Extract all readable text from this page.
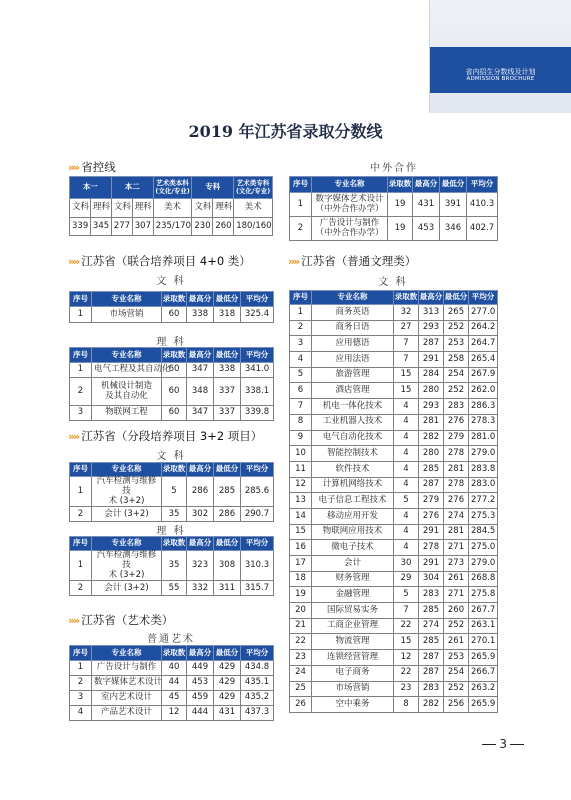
省内招生分数线及计划
ADMISSION BROCHURE
2019 年江苏省录取分数线
»» 省控线
本一		本二		艺术类本科
(文化/专业)	专科		艺术类专科
(文化/专业)
文科	理科	文科	理科	美术	文科	理科	美术
339	345	277	307	235/170	230	260	180/160
中外合作
序号	专业名称	录取数	最高分	最低分	平均分
1	数字媒体艺术设计
（中外合作办学）	19	431	391	410.3
2	广告设计与制作
（中外合作办学）	19	453	346	402.7
»» 江苏省（联合培养项目 4+0 类）
文 科
序号	专业名称	录取数	最高分	最低分	平均分
1	市场营销	60	338	318	325.4
理 科
序号	专业名称	录取数	最高分	最低分	平均分
1	电气工程及其自动化	60	347	338	341.0
2	机械设计制造
及其自动化	60	348	337	338.1
3	物联网工程	60	347	337	339.8
»» 江苏省（分段培养项目 3+2 项目）
文 科
序号	专业名称	录取数	最高分	最低分	平均分
1	汽车检测与维修技
术 (3+2)	5	286	285	285.6
2	会计 (3+2)	35	302	286	290.7
理 科
序号	专业名称	录取数	最高分	最低分	平均分
1	汽车检测与维修技
术 (3+2)	35	323	308	310.3
2	会计 (3+2)	55	332	311	315.7
»» 江苏省（艺术类）
普通艺术
序号	专业名称	录取数	最高分	最低分	平均分
1	广告设计与制作	40	449	429	434.8
2	数字媒体艺术设计	44	453	429	435.1
3	室内艺术设计	45	459	429	435.2
4	产品艺术设计	12	444	431	437.3
»» 江苏省（普通文理类）
文 科
序号	专业名称	录取数	最高分	最低分	平均分
1	商务英语	32	313	265	277.0
2	商务日语	27	293	252	264.2
3	应用德语	7	287	253	264.7
4	应用法语	7	291	258	265.4
5	旅游管理	15	284	254	267.9
6	酒店管理	15	280	252	262.0
7	机电一体化技术	4	293	283	286.3
8	工业机器人技术	4	281	276	278.3
9	电气自动化技术	4	282	279	281.0
10	智能控制技术	4	280	278	279.0
11	软件技术	4	285	281	283.8
12	计算机网络技术	4	287	278	283.0
13	电子信息工程技术	5	279	276	277.2
14	移动应用开发	4	276	274	275.3
15	物联网应用技术	4	291	281	284.5
16	微电子技术	4	278	271	275.0
17	会计	30	291	273	279.0
18	财务管理	29	304	261	268.8
19	金融管理	5	283	271	275.8
20	国际贸易实务	7	285	260	267.7
21	工商企业管理	22	274	252	263.1
22	物流管理	15	285	261	270.1
23	连锁经营管理	12	287	253	265.9
24	电子商务	22	287	254	266.7
25	市场营销	23	283	252	263.2
26	空中乘务	8	282	256	265.9
3
